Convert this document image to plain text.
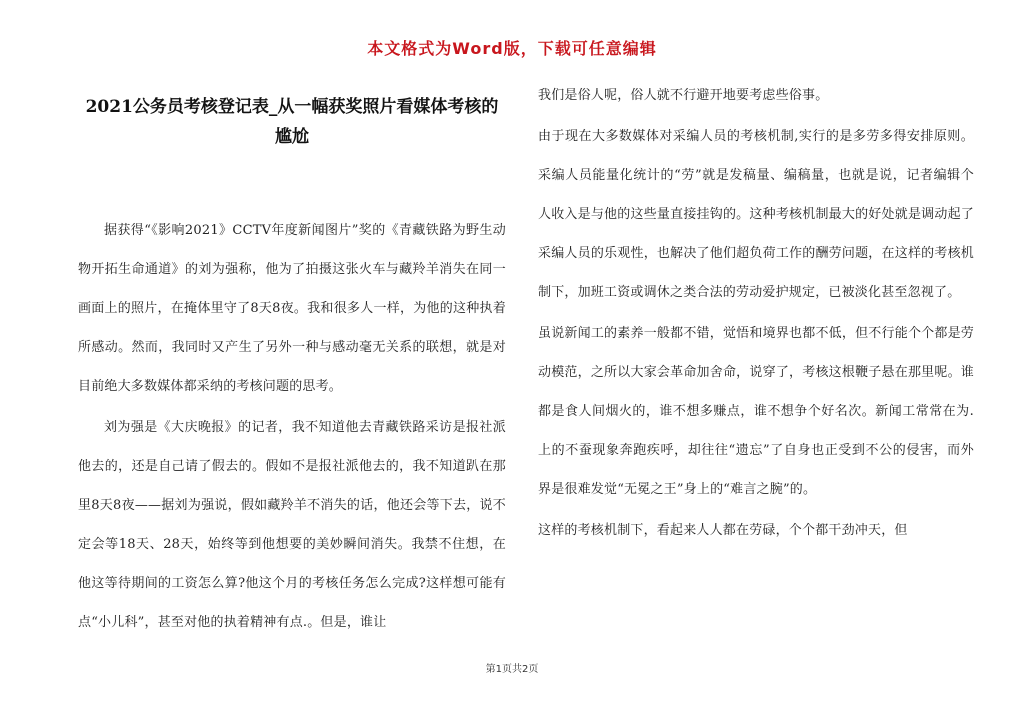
本文格式为Word版，下载可任意编辑
2021公务员考核登记表_从一幅获奖照片看媒体考核的尴尬

据获得“《影响2021》CCTV年度新闻图片”奖的《青藏铁路为野生动物开拓生命通道》的刘为强称，他为了拍摄这张火车与藏羚羊消失在同一画面上的照片，在掩体里守了8天8夜。我和很多人一样，为他的这种执着所感动。然而，我同时又产生了另外一种与感动毫无关系的联想，就是对目前绝大多数媒体都采纳的考核问题的思考。

刘为强是《大庆晚报》的记者，我不知道他去青藏铁路采访是报社派他去的，还是自己请了假去的。假如不是报社派他去的，我不知道趴在那里8天8夜——据刘为强说，假如藏羚羊不消失的话，他还会等下去，说不定会等18天、28天，始终等到他想要的美妙瞬间消失。我禁不住想，在他这等待期间的工资怎么算?他这个月的考核任务怎么完成?这样想可能有点“小儿科”，甚至对他的执着精神有点.。但是，谁让

我们是俗人呢，俗人就不行避开地要考虑些俗事。

由于现在大多数媒体对采编人员的考核机制,实行的是多劳多得安排原则。采编人员能量化统计的“劳”就是发稿量、编稿量，也就是说，记者编辑个人收入是与他的这些量直接挂钩的。这种考核机制最大的好处就是调动起了采编人员的乐观性，也解决了他们超负荷工作的酬劳问题，在这样的考核机制下，加班工资或调休之类合法的劳动爱护规定，已被淡化甚至忽视了。

虽说新闻工的素养一般都不错，觉悟和境界也都不低，但不行能个个都是劳动模范，之所以大家会革命加舍命，说穿了，考核这根鞭子悬在那里呢。谁都是食人间烟火的，谁不想多赚点，谁不想争个好名次。新闻工常常在为.上的不蚕现象奔跑疾呼，却往往“遗忘”了自身也正受到不公的侵害，而外界是很难发觉“无冕之王”身上的“难言之腕”的。

这样的考核机制下，看起来人人都在劳碌，个个都干劲冲天，但

第1页共2页
